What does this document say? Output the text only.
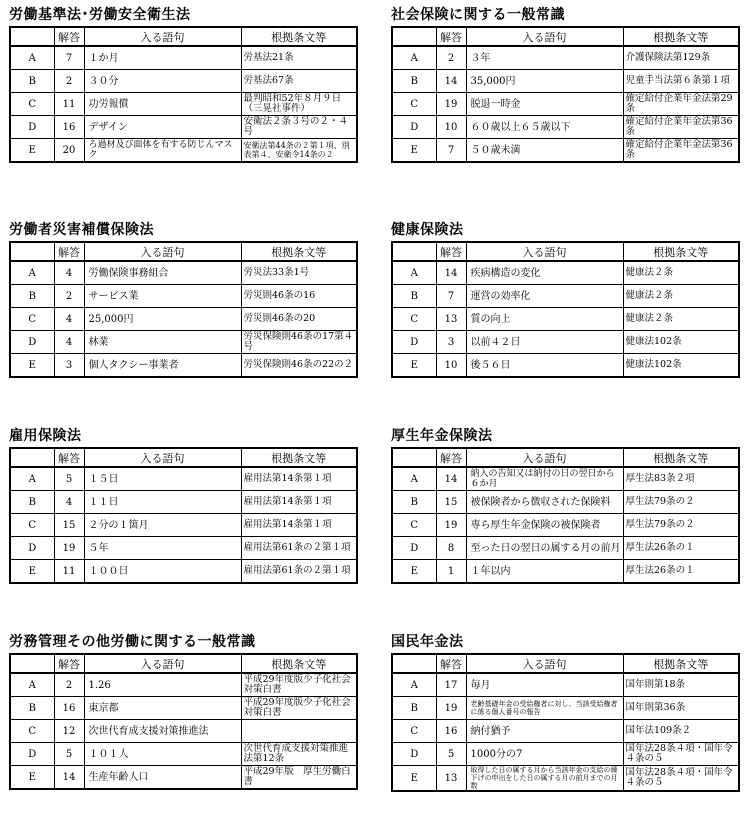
労働基準法･労働安全衛生法
	解答	入る語句	根拠条文等
A	7	１か月	労基法21条
B	2	３０分	労基法67条
C	11	功労報償	最判昭和52年８月９日（三晃社事件）
D	16	デザイン	安衛法２条３号の２・４号
E	20	ろ過材及び面体を有する防じんマスク	安衛法第44条の２第１項、別表第４、安衛令14条の２
社会保険に関する一般常識
	解答	入る語句	根拠条文等
A	2	３年	介護保険法第129条
B	14	35,000円	児童手当法第６条第１項
C	19	脱退一時金	確定給付企業年金法第29条
D	10	６０歳以上６５歳以下	確定給付企業年金法第36条
E	7	５０歳未満	確定給付企業年金法第36条
労働者災害補償保険法
	解答	入る語句	根拠条文等
A	4	労働保険事務組合	労災法33条1号
B	2	サービス業	労災則46条の16
C	4	25,000円	労災則46条の20
D	4	林業	労災保険則46条の17第４号
E	3	個人タクシー事業者	労災保険則46条の22の２
健康保険法
	解答	入る語句	根拠条文等
A	14	疾病構造の変化	健康法２条
B	7	運営の効率化	健康法２条
C	13	質の向上	健康法２条
D	3	以前４２日	健康法102条
E	10	後５６日	健康法102条
雇用保険法
	解答	入る語句	根拠条文等
A	5	１５日	雇用法第14条第１項
B	4	１１日	雇用法第14条第１項
C	15	２分の１箇月	雇用法第14条第１項
D	19	５年	雇用法第61条の２第１項
E	11	１００日	雇用法第61条の２第１項
厚生年金保険法
	解答	入る語句	根拠条文等
A	14	納入の告知又は納付の日の翌日から６か月	厚生法83条２項
B	15	被保険者から徴収された保険料	厚生法79条の２
C	19	専ら厚生年金保険の被保険者	厚生法79条の２
D	8	至った日の翌日の属する月の前月	厚生法26条の１
E	1	１年以内	厚生法26条の１
労務管理その他労働に関する一般常識
	解答	入る語句	根拠条文等
A	2	1.26	平成29年度版少子化社会対策白書
B	16	東京都	平成29年度版少子化社会対策白書
C	12	次世代育成支援対策推進法	
D	5	１０１人	次世代育成支援対策推進法第12条
E	14	生産年齢人口	平成29年版　厚生労働白書
国民年金法
	解答	入る語句	根拠条文等
A	17	毎月	国年則第18条
B	19	老齢基礎年金の受給権者に対し、当該受給権者に係る個人番号の報告	国年則第36条
C	16	納付猶予	国年法109条２
D	5	1000分の7	国年法28条４項・国年令４条の５
E	13	取得した日の属する月から当該年金の支給の繰下げの申出をした日の属する月の前月までの月数	国年法28条４項・国年令４条の５
